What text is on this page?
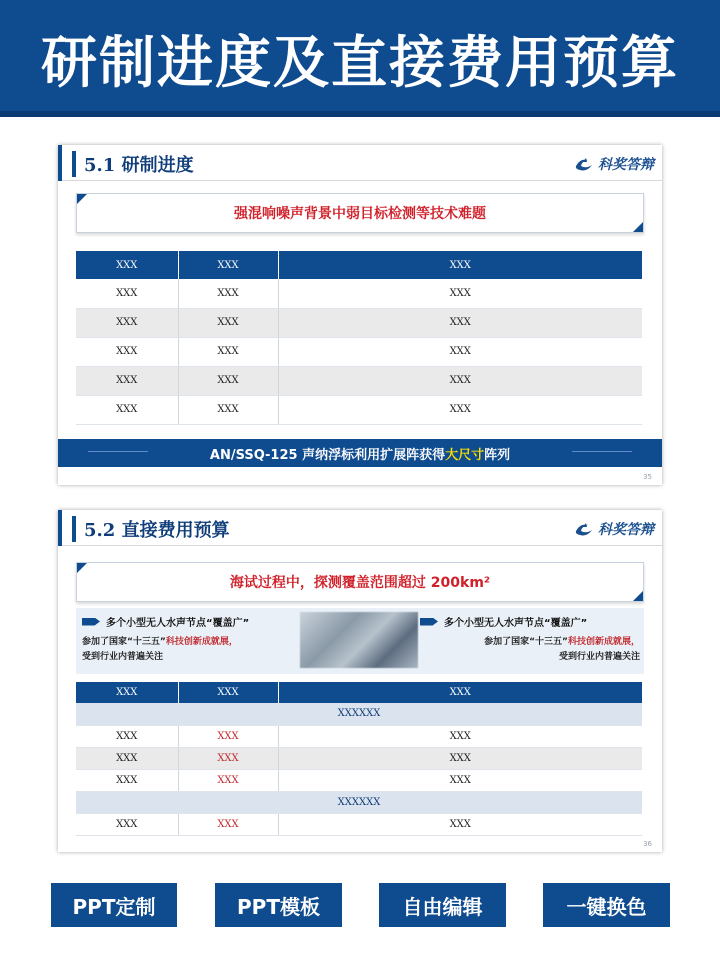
研制进度及直接费用预算
5.1 研制进度	科奖答辩
强混响噪声背景中弱目标检测等技术难题
XXX	XXX	XXX
XXX	XXX	XXX
XXX	XXX	XXX
XXX	XXX	XXX
XXX	XXX	XXX
XXX	XXX	XXX
AN/SSQ-125 声纳浮标利用扩展阵获得 大尺寸 阵列
35
5.2 直接费用预算	科奖答辩
海试过程中，探测覆盖范围超过 200km²
多个小型无人水声节点“覆盖广”
参加了国家“十三五”科技创新成就展，
受到行业内普遍关注
多个小型无人水声节点“覆盖广”
参加了国家“十三五”科技创新成就展，
受到行业内普遍关注
XXX	XXX	XXX
XXXXXX		
XXX	XXX	XXX
XXX	XXX	XXX
XXX	XXX	XXX
XXXXXX		
XXX	XXX	XXX
36
PPT定制	PPT模板	自由编辑	一键换色
